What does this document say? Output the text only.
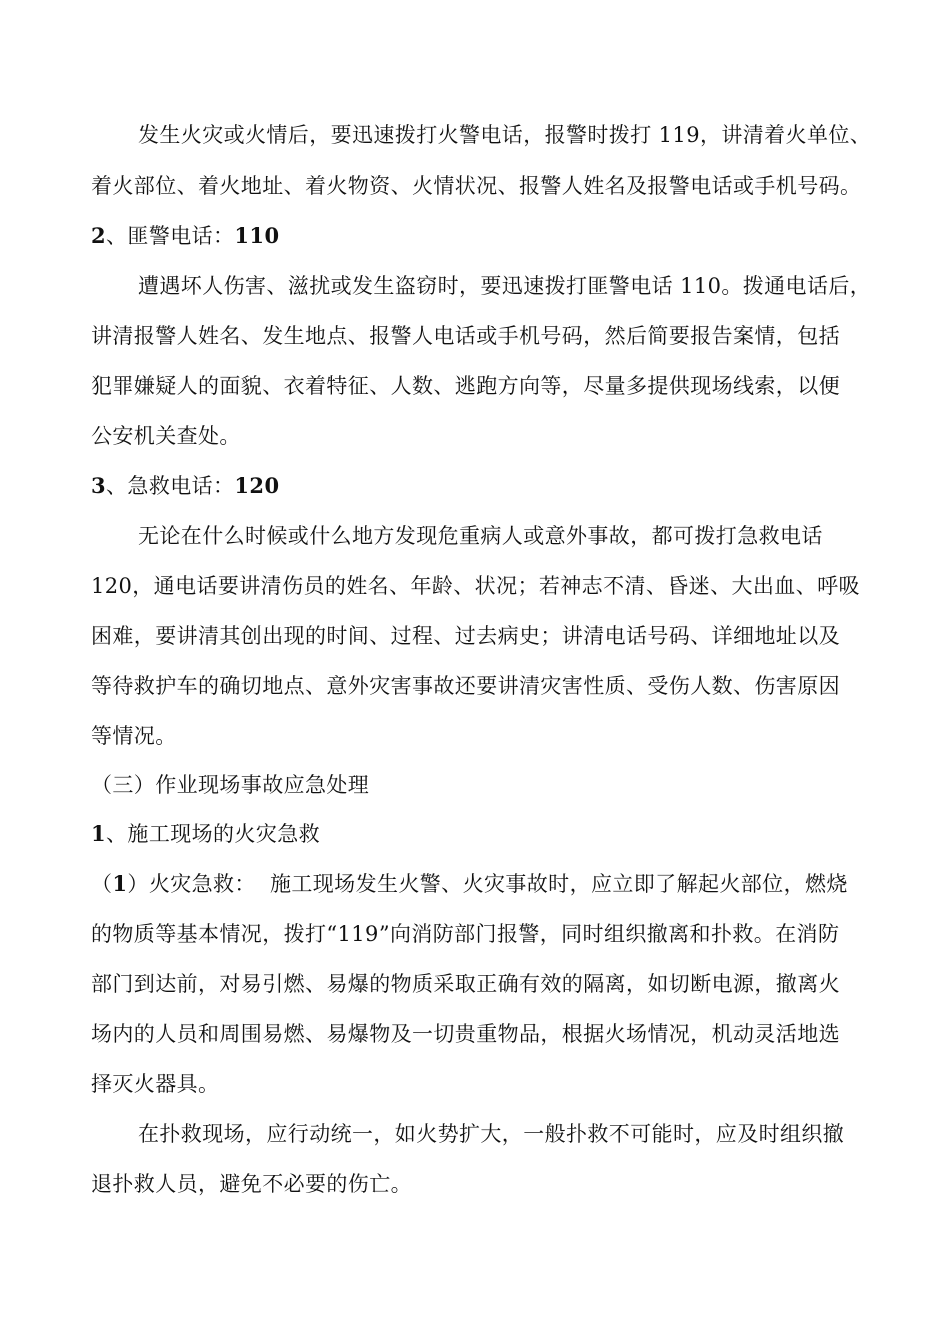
发生火灾或火情后，要迅速拨打火警电话，报警时拨打 119，讲清着火单位、
着火部位、着火地址、着火物资、火情状况、报警人姓名及报警电话或手机号码。
2、匪警电话：110
遭遇坏人伤害、滋扰或发生盗窃时，要迅速拨打匪警电话 110。拨通电话后，
讲清报警人姓名、发生地点、报警人电话或手机号码，然后简要报告案情，包括
犯罪嫌疑人的面貌、衣着特征、人数、逃跑方向等，尽量多提供现场线索，以便
公安机关查处。
3、急救电话：120
无论在什么时候或什么地方发现危重病人或意外事故，都可拨打急救电话
120，通电话要讲清伤员的姓名、年龄、状况；若神志不清、昏迷、大出血、呼吸
困难，要讲清其创出现的时间、过程、过去病史；讲清电话号码、详细地址以及
等待救护车的确切地点、意外灾害事故还要讲清灾害性质、受伤人数、伤害原因
等情况。
（三）作业现场事故应急处理
1、施工现场的火灾急救
（1）火灾急救：  施工现场发生火警、火灾事故时，应立即了解起火部位，燃烧
的物质等基本情况，拨打“119”向消防部门报警，同时组织撤离和扑救。在消防
部门到达前，对易引燃、易爆的物质采取正确有效的隔离，如切断电源，撤离火
场内的人员和周围易燃、易爆物及一切贵重物品，根据火场情况，机动灵活地选
择灭火器具。
在扑救现场，应行动统一，如火势扩大，一般扑救不可能时，应及时组织撤
退扑救人员，避免不必要的伤亡。
